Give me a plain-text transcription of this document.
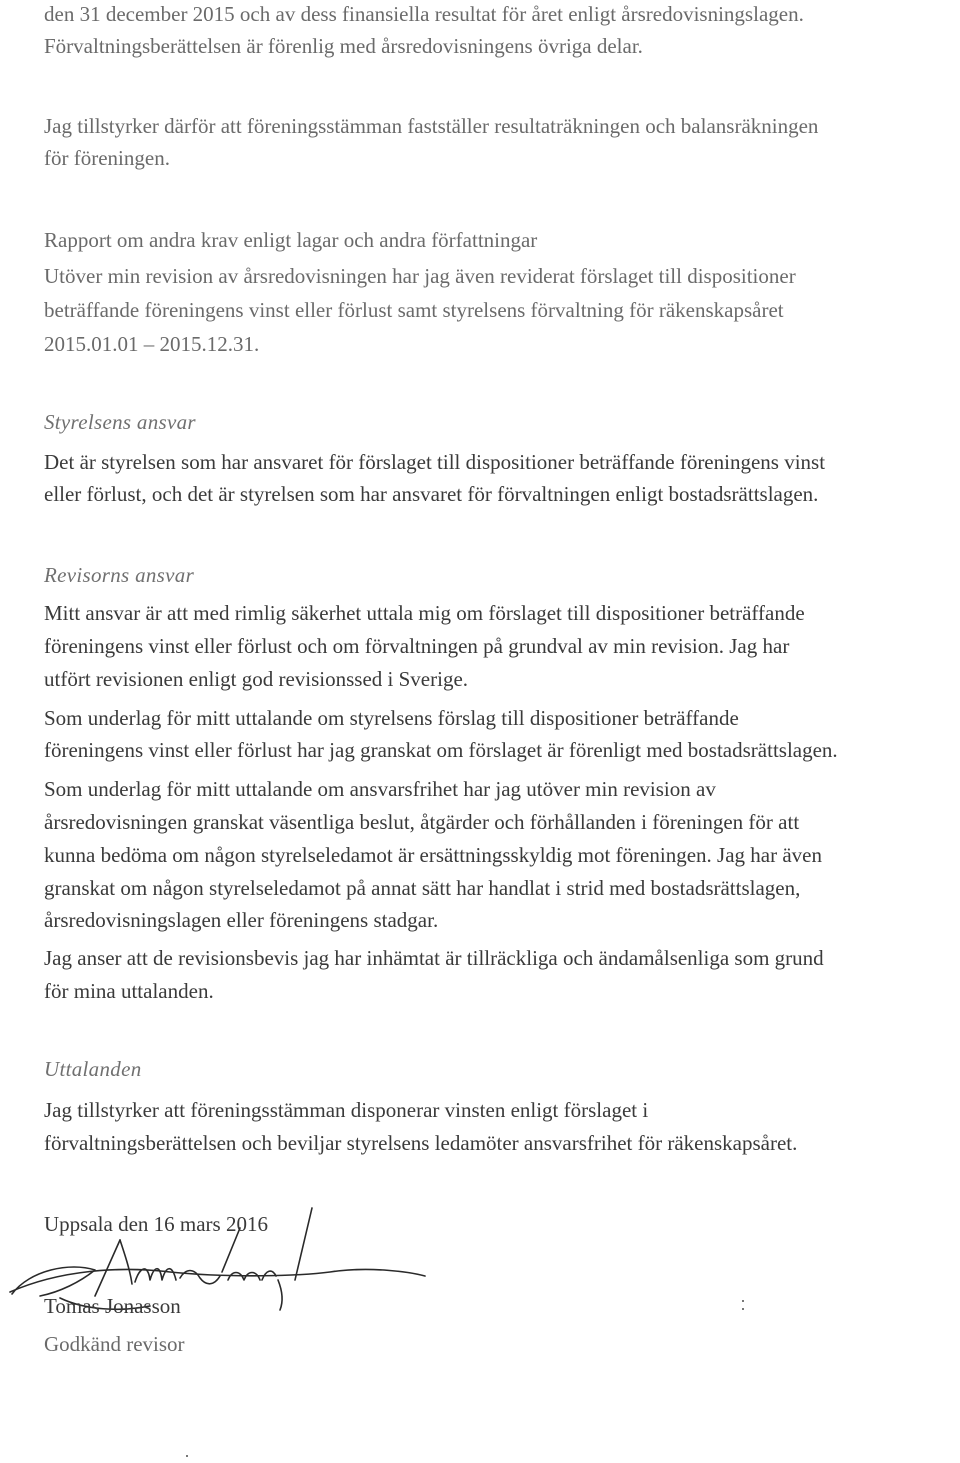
den 31 december 2015 och av dess finansiella resultat för året enligt årsredovisningslagen.
Förvaltningsberättelsen är förenlig med årsredovisningens övriga delar.
Jag tillstyrker därför att föreningsstämman fastställer resultaträkningen och balansräkningen
för föreningen.
Rapport om andra krav enligt lagar och andra författningar
Utöver min revision av årsredovisningen har jag även reviderat förslaget till dispositioner
beträffande föreningens vinst eller förlust samt styrelsens förvaltning för räkenskapsåret
2015.01.01 – 2015.12.31.
Styrelsens ansvar
Det är styrelsen som har ansvaret för förslaget till dispositioner beträffande föreningens vinst
eller förlust, och det är styrelsen som har ansvaret för förvaltningen enligt bostadsrättslagen.
Revisorns ansvar
Mitt ansvar är att med rimlig säkerhet uttala mig om förslaget till dispositioner beträffande
föreningens vinst eller förlust och om förvaltningen på grundval av min revision. Jag har
utfört revisionen enligt god revisionssed i Sverige.
Som underlag för mitt uttalande om styrelsens förslag till dispositioner beträffande
föreningens vinst eller förlust har jag granskat om förslaget är förenligt med bostadsrättslagen.
Som underlag för mitt uttalande om ansvarsfrihet har jag utöver min revision av
årsredovisningen granskat väsentliga beslut, åtgärder och förhållanden i föreningen för att
kunna bedöma om någon styrelseledamot är ersättningsskyldig mot föreningen. Jag har även
granskat om någon styrelseledamot på annat sätt har handlat i strid med bostadsrättslagen,
årsredovisningslagen eller föreningens stadgar.
Jag anser att de revisionsbevis jag har inhämtat är tillräckliga och ändamålsenliga som grund
för mina uttalanden.
Uttalanden
Jag tillstyrker att föreningsstämman disponerar vinsten enligt förslaget i
förvaltningsberättelsen och beviljar styrelsens ledamöter ansvarsfrihet för räkenskapsåret.
Uppsala den 16 mars 2016
Tomas Jonasson
Godkänd revisor
